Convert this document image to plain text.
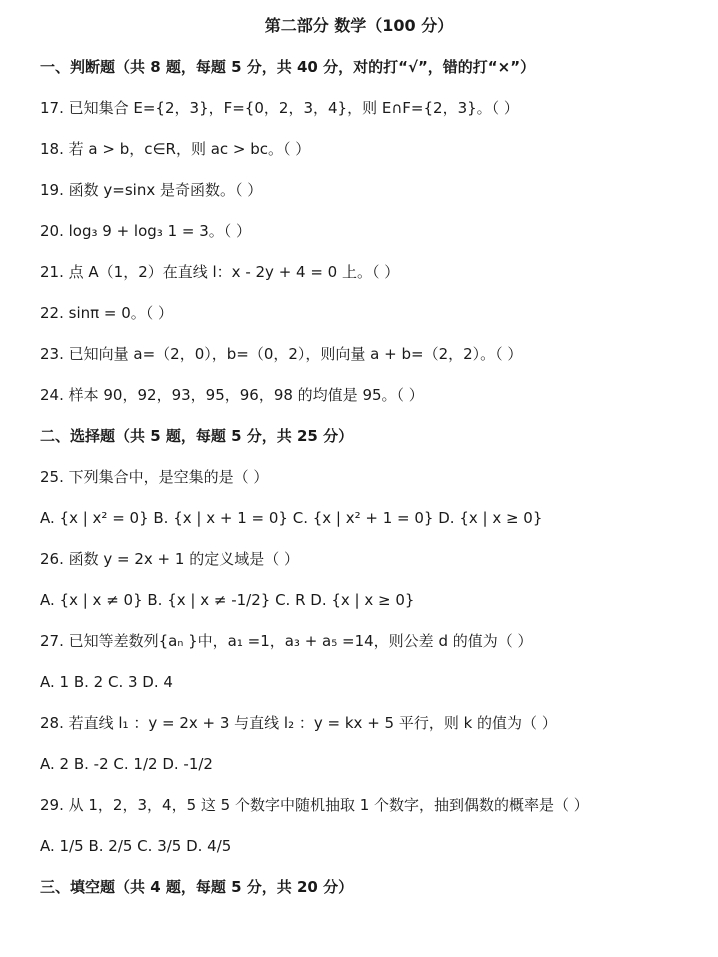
第二部分 数学（100 分）
一、判断题（共 8 题，每题 5 分，共 40 分，对的打“√”，错的打“×”）
17. 已知集合 E={2，3}，F={0，2，3，4}，则 E∩F={2，3}。（ ）
18. 若 a > b，c∈R，则 ac > bc。（ ）
19. 函数 y=sinx 是奇函数。（ ）
20. log₃ 9 + log₃ 1 = 3。（ ）
21. 点 A（1，2）在直线 l：x - 2y + 4 = 0 上。（ ）
22. sinπ = 0。（ ）
23. 已知向量 a=（2，0），b=（0，2），则向量 a + b=（2，2）。（ ）
24. 样本 90，92，93，95，96，98 的均值是 95。（ ）
二、选择题（共 5 题，每题 5 分，共 25 分）
25. 下列集合中，是空集的是（ ）
A. {x | x² = 0} B. {x | x + 1 = 0} C. {x | x² + 1 = 0} D. {x | x ≥ 0}
26. 函数 y = 2x + 1 的定义域是（ ）
A. {x | x ≠ 0} B. {x | x ≠ -1/2} C. R D. {x | x ≥ 0}
27. 已知等差数列{aₙ }中，a₁ =1，a₃ + a₅ =14，则公差 d 的值为（ ）
A. 1 B. 2 C. 3 D. 4
28. 若直线 l₁ ：y = 2x + 3 与直线 l₂ ：y = kx + 5 平行，则 k 的值为（ ）
A. 2 B. -2 C. 1/2 D. -1/2
29. 从 1，2，3，4，5 这 5 个数字中随机抽取 1 个数字，抽到偶数的概率是（ ）
A. 1/5 B. 2/5 C. 3/5 D. 4/5
三、填空题（共 4 题，每题 5 分，共 20 分）
